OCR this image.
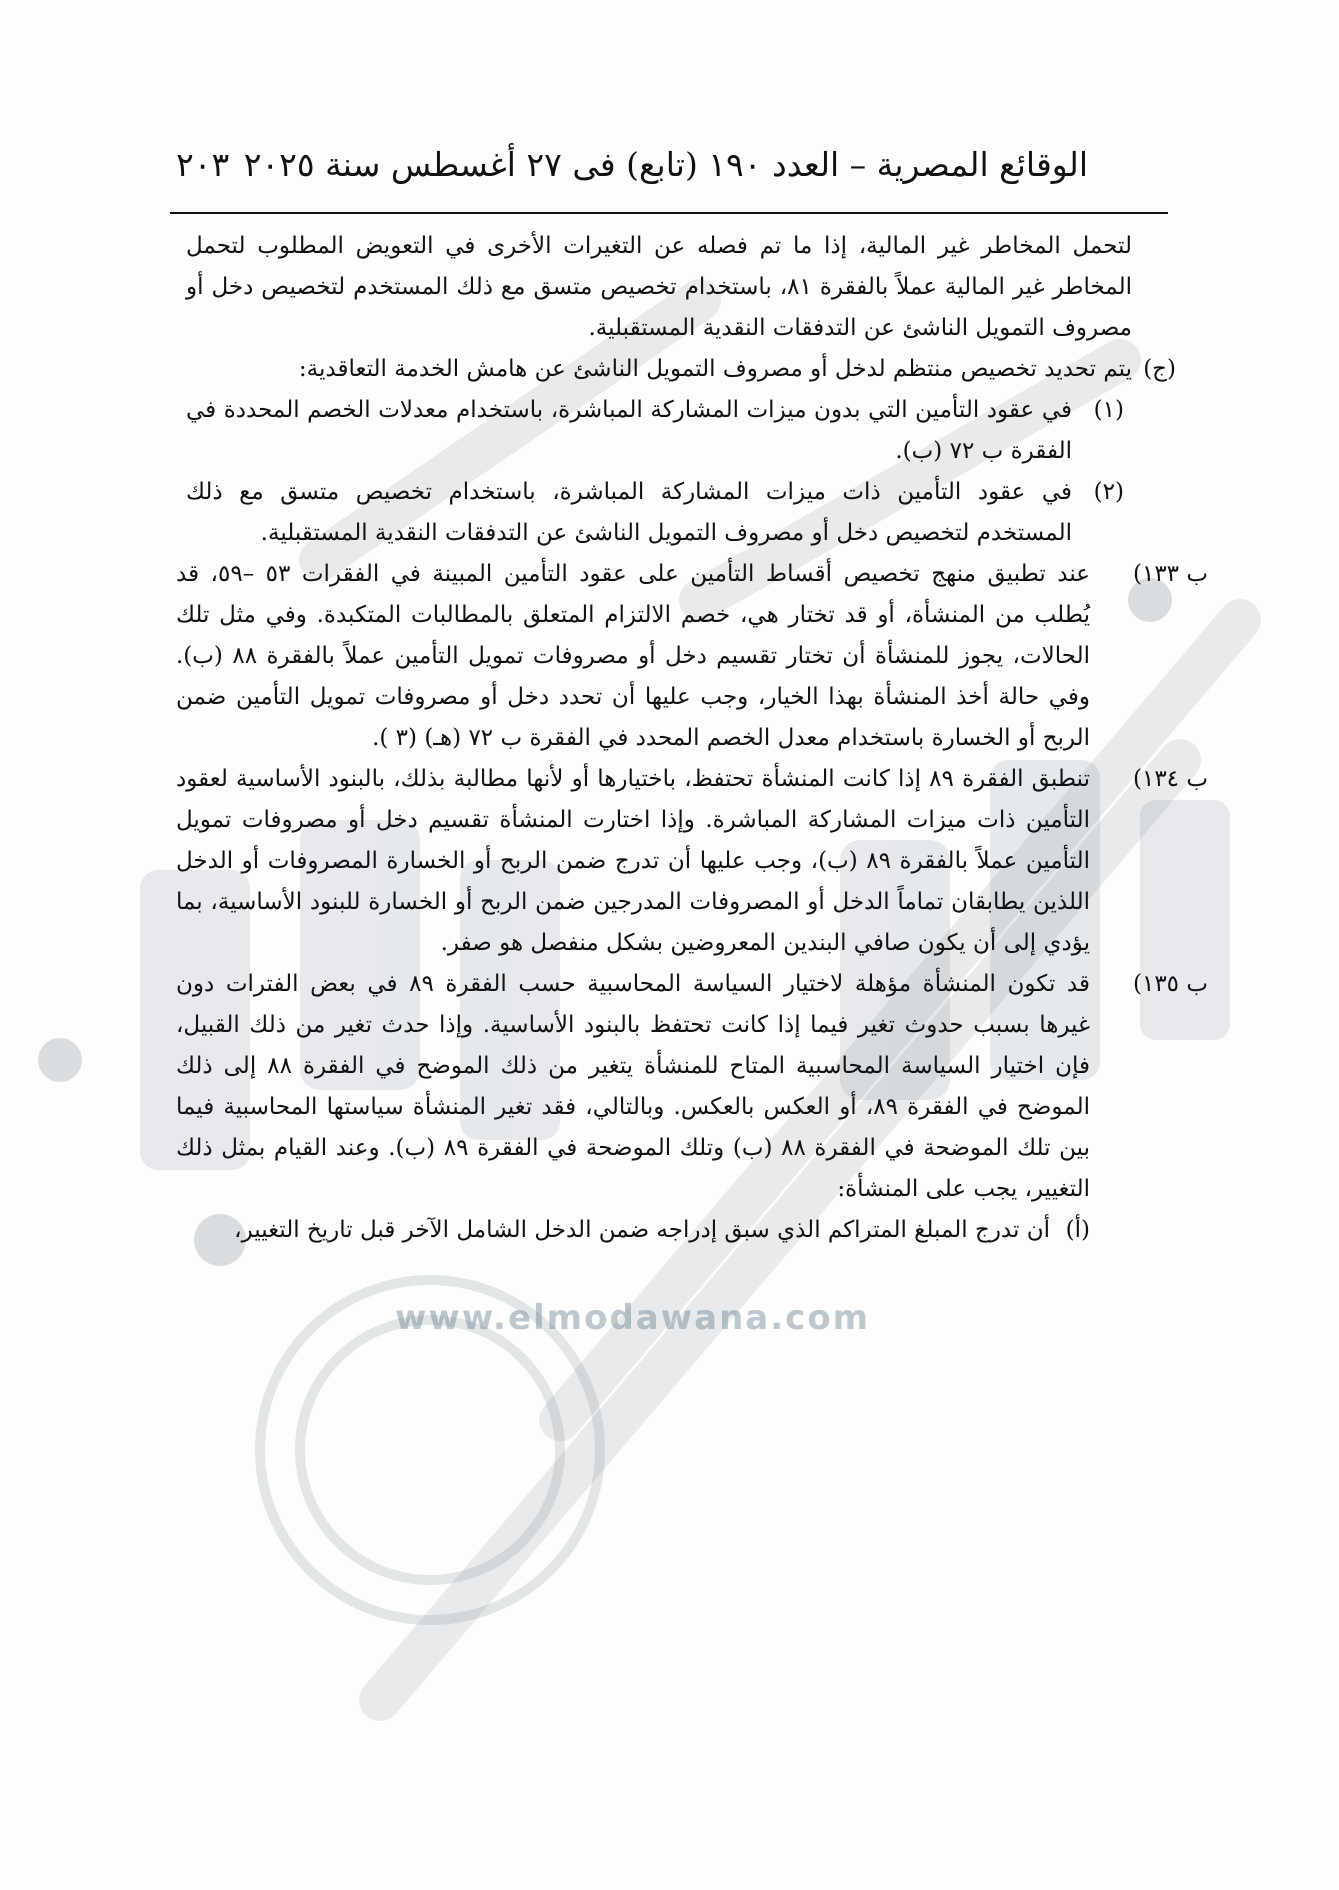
www.elmodawana.com
الوقائع المصرية – العدد ١٩٠ (تابع) فى ٢٧ أغسطس سنة ٢٠٢٥
٢٠٣

لتحمل المخاطر غير المالية، إذا ما تم فصله عن التغيرات الأخرى في التعويض المطلوب لتحمل المخاطر غير المالية عملاً بالفقرة ٨١، باستخدام تخصيص متسق مع ذلك المستخدم لتخصيص دخل أو مصروف التمويل الناشئ عن التدفقات النقدية المستقبلية.

(ج)
يتم تحديد تخصيص منتظم لدخل أو مصروف التمويل الناشئ عن هامش الخدمة التعاقدية:
(١)
في عقود التأمين التي بدون ميزات المشاركة المباشرة، باستخدام معدلات الخصم المحددة في الفقرة ب ٧٢ (ب).
(٢)
في عقود التأمين ذات ميزات المشاركة المباشرة، باستخدام تخصيص متسق مع ذلك المستخدم لتخصيص دخل أو مصروف التمويل الناشئ عن التدفقات النقدية المستقبلية.
ب ١٣٣)
عند تطبيق منهج تخصيص أقساط التأمين على عقود التأمين المبينة في الفقرات ٥٣ –٥٩، قد يُطلب من المنشأة، أو قد تختار هي، خصم الالتزام المتعلق بالمطالبات المتكبدة. وفي مثل تلك الحالات، يجوز للمنشأة أن تختار تقسيم دخل أو مصروفات تمويل التأمين عملاً بالفقرة ٨٨ (ب). وفي حالة أخذ المنشأة بهذا الخيار، وجب عليها أن تحدد دخل أو مصروفات تمويل التأمين ضمن الربح أو الخسارة باستخدام معدل الخصم المحدد في الفقرة ب ٧٢ (هـ) (٣ ).
ب ١٣٤)
تنطبق الفقرة ٨٩ إذا كانت المنشأة تحتفظ، باختيارها أو لأنها مطالبة بذلك، بالبنود الأساسية لعقود التأمين ذات ميزات المشاركة المباشرة. وإذا اختارت المنشأة تقسيم دخل أو مصروفات تمويل التأمين عملاً بالفقرة ٨٩ (ب)، وجب عليها أن تدرج ضمن الربح أو الخسارة المصروفات أو الدخل اللذين يطابقان تماماً الدخل أو المصروفات المدرجين ضمن الربح أو الخسارة للبنود الأساسية، بما يؤدي إلى أن يكون صافي البندين المعروضين بشكل منفصل هو صفر.
ب ١٣٥)
قد تكون المنشأة مؤهلة لاختيار السياسة المحاسبية حسب الفقرة ٨٩ في بعض الفترات دون غيرها بسبب حدوث تغير فيما إذا كانت تحتفظ بالبنود الأساسية. وإذا حدث تغير من ذلك القبيل، فإن اختيار السياسة المحاسبية المتاح للمنشأة يتغير من ذلك الموضح في الفقرة ٨٨ إلى ذلك الموضح في الفقرة ٨٩، أو العكس بالعكس. وبالتالي، فقد تغير المنشأة سياستها المحاسبية فيما بين تلك الموضحة في الفقرة ٨٨ (ب) وتلك الموضحة في الفقرة ٨٩ (ب). وعند القيام بمثل ذلك التغيير، يجب على المنشأة:
(أ)
أن تدرج المبلغ المتراكم الذي سبق إدراجه ضمن الدخل الشامل الآخر قبل تاريخ التغيير،
